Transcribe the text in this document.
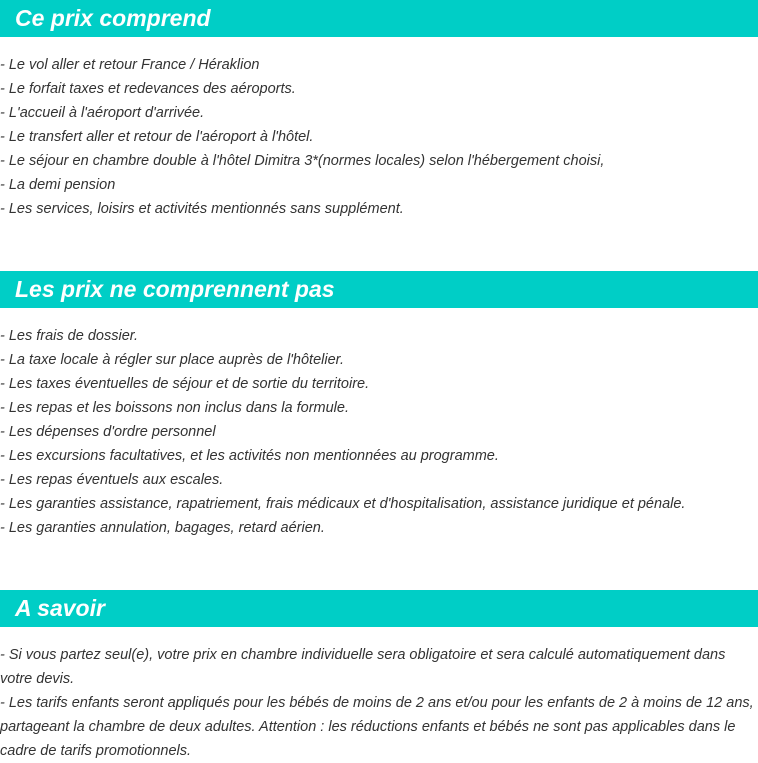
Ce prix comprend
- Le vol aller et retour France / Héraklion
- Le forfait taxes et redevances des aéroports.
- L'accueil à l'aéroport d'arrivée.
- Le transfert aller et retour de l'aéroport à l'hôtel.
- Le séjour en chambre double à l'hôtel Dimitra 3*(normes locales) selon l'hébergement choisi,
- La demi pension
- Les services, loisirs et activités mentionnés sans supplément.
Les prix ne comprennent pas
- Les frais de dossier.
- La taxe locale à régler sur place auprès de l'hôtelier.
- Les taxes éventuelles de séjour et de sortie du territoire.
- Les repas et les boissons non inclus dans la formule.
- Les dépenses d'ordre personnel
- Les excursions facultatives, et les activités non mentionnées au programme.
- Les repas éventuels aux escales.
- Les garanties assistance, rapatriement, frais médicaux et d'hospitalisation, assistance juridique et pénale.
- Les garanties annulation, bagages, retard aérien.
A savoir

- Si vous partez seul(e), votre prix en chambre individuelle sera obligatoire et sera calculé automatiquement dans votre devis.

- Les tarifs enfants seront appliqués pour les bébés de moins de 2 ans et/ou pour les enfants de 2 à moins de 12 ans, partageant la chambre de deux adultes. Attention : les réductions enfants et bébés ne sont pas applicables dans le cadre de tarifs promotionnels.
